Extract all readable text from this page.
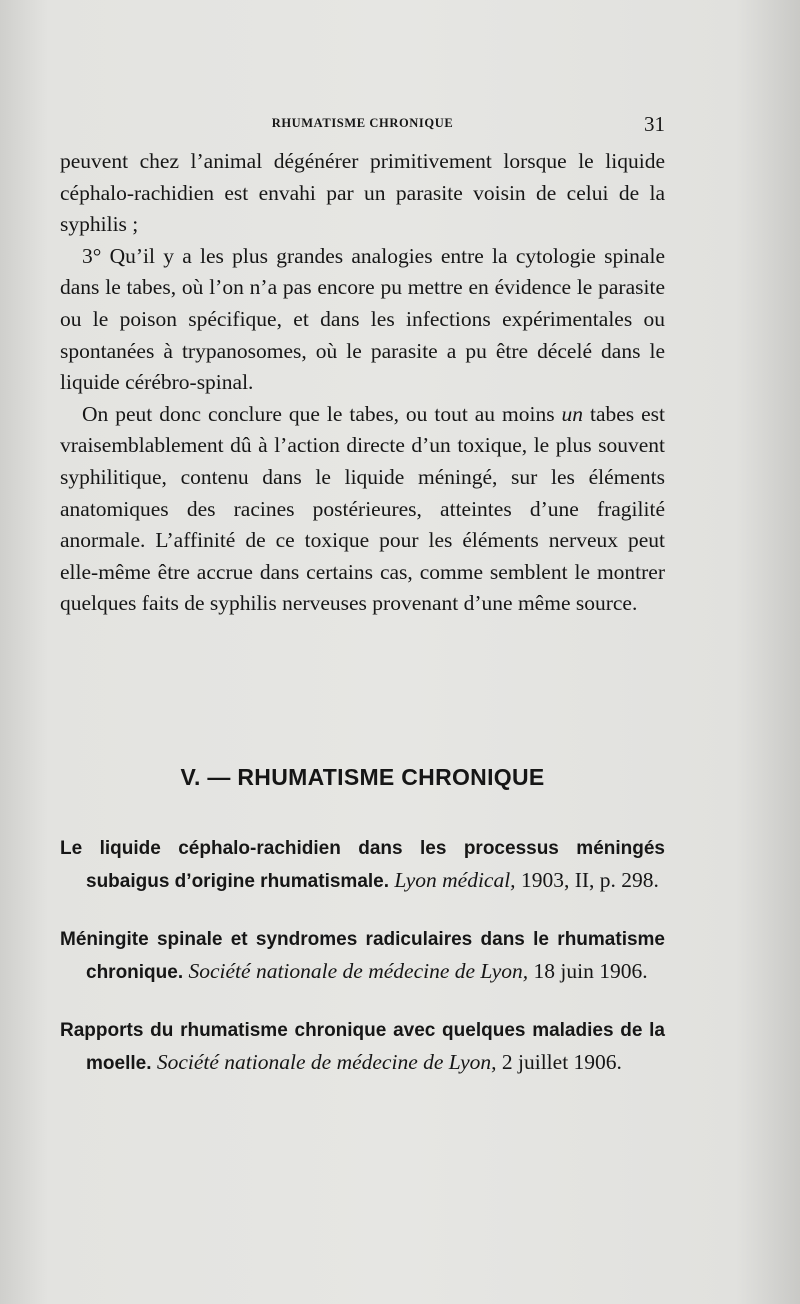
RHUMATISME CHRONIQUE	31

peuvent chez l’animal dégénérer primitivement lorsque le liquide céphalo-rachidien est envahi par un parasite voisin de celui de la syphilis ;

3° Qu’il y a les plus grandes analogies entre la cytologie spinale dans le tabes, où l’on n’a pas encore pu mettre en évidence le parasite ou le poison spécifique, et dans les infections expérimentales ou spontanées à trypanosomes, où le parasite a pu être décelé dans le liquide cérébro-spinal.

On peut donc conclure que le tabes, ou tout au moins un tabes est vraisemblablement dû à l’action directe d’un toxique, le plus souvent syphilitique, contenu dans le liquide méningé, sur les éléments anatomiques des racines postérieures, atteintes d’une fragilité anormale. L’affinité de ce toxique pour les éléments nerveux peut elle-même être accrue dans certains cas, comme semblent le montrer quelques faits de syphilis nerveuses provenant d’une même source.

V. — RHUMATISME CHRONIQUE

Le liquide céphalo-rachidien dans les processus méningés subaigus d’origine rhumatismale. Lyon médical, 1903, II, p. 298.

Méningite spinale et syndromes radiculaires dans le rhumatisme chronique. Société nationale de médecine de Lyon, 18 juin 1906.

Rapports du rhumatisme chronique avec quelques maladies de la moelle. Société nationale de médecine de Lyon, 2 juillet 1906.
